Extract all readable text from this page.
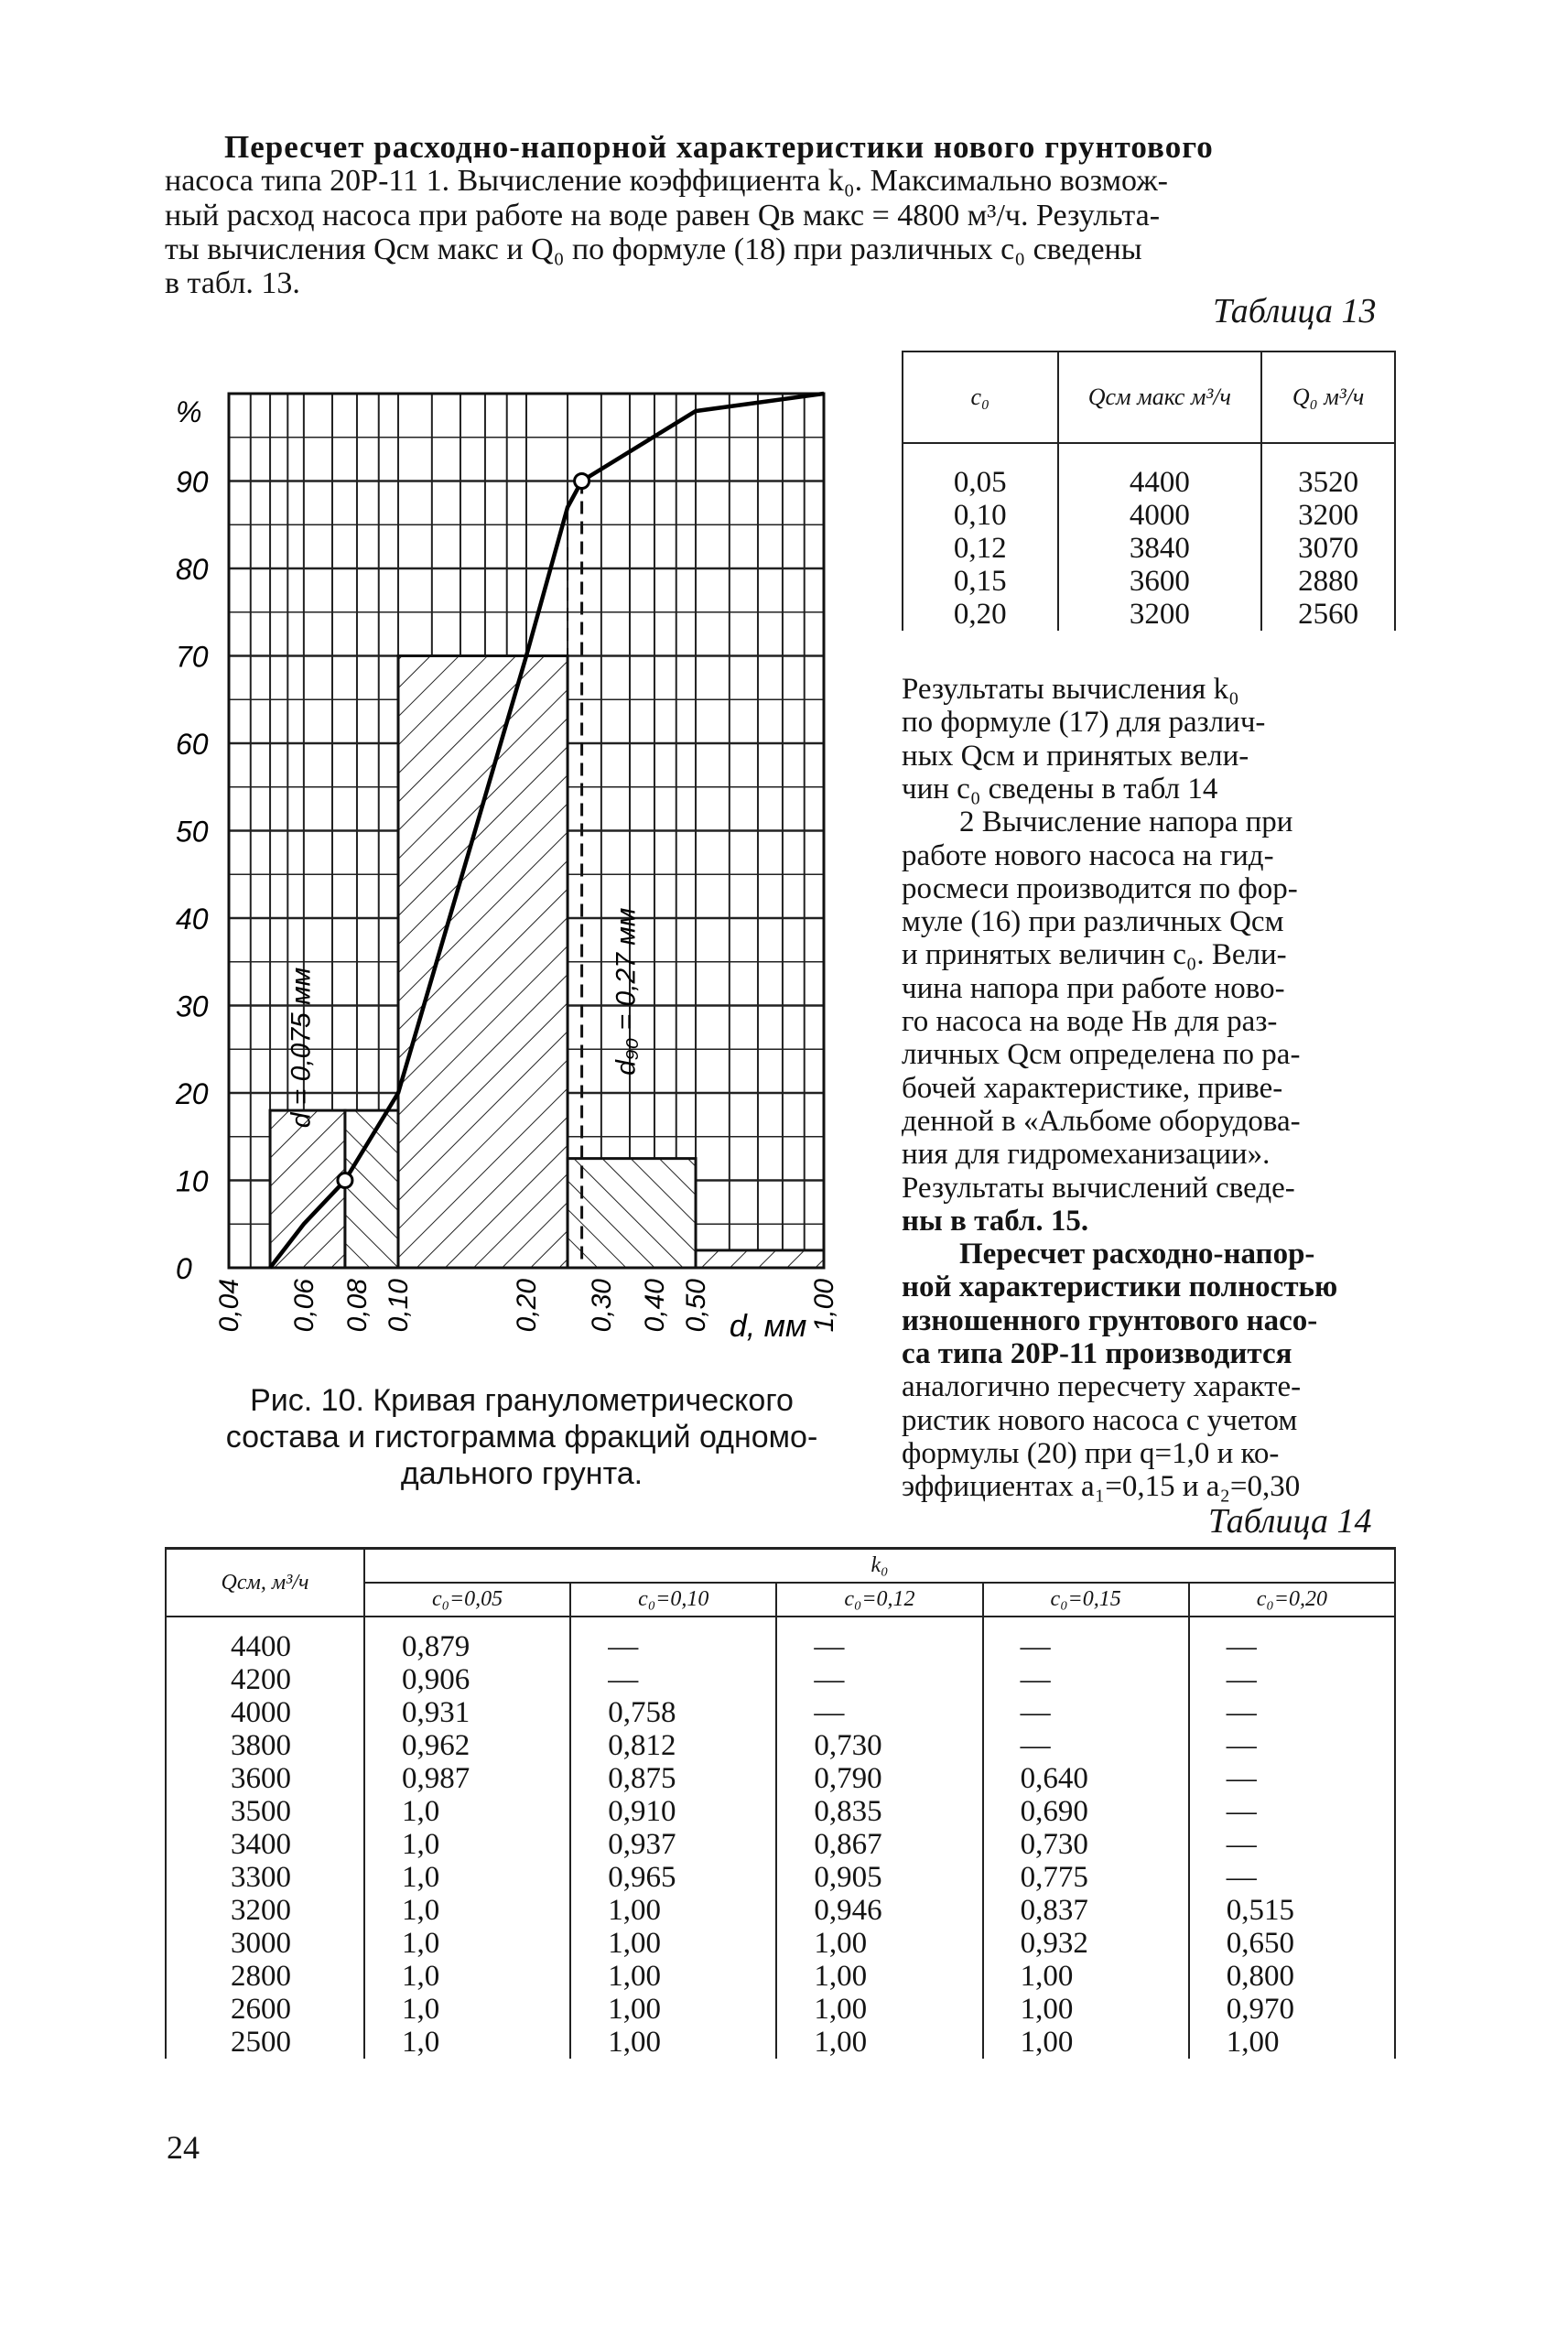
Пересчет расходно-напорной характеристики нового грунтового
насоса типа 20Р-11 1. Вычисление коэффициента k₀. Максимально возмож-
ный расход насоса при работе на воде равен Qв макс = 4800 м³/ч. Результа-
ты вычисления Qсм макс и Q₀ по формуле (18) при различных c₀ сведены
в табл. 13.
Таблица 13
c₀	Qсм макс м³/ч	Q₀ м³/ч
0,05	4400	3520
0,10	4000	3200
0,12	3840	3070
0,15	3600	2880
0,20	3200	2560
Результаты вычисления k₀
по формуле (17) для различ-
ных Qсм и принятых вели-
чин c₀ сведены в табл 14
2 Вычисление напора при
работе нового насоса на гид-
росмеси производится по фор-
муле (16) при различных Qсм
и принятых величин c₀. Вели-
чина напора при работе ново-
го насоса на воде Hв для раз-
личных Qсм определена по ра-
бочей характеристике, приве-
денной в «Альбоме оборудова-
ния для гидромеханизации».
Результаты вычислений сведе-
ны в табл. 15.
Пересчет расходно-напор-
ной характеристики полностью
изношенного грунтового насо-
са типа 20Р-11 производится
аналогично пересчету характе-
ристик нового насоса с учетом
формулы (20) при q=1,0 и ко-
эффициентах a₁=0,15 и a₂=0,30
0
10
20
30
40
50
60
70
80
90
%
0,04 0,06 0,08 0,10	0,20 0,30 0,40 0,50	1,00
d, мм
d = 0,075 мм	d₉₀ = 0,27 мм
Рис. 10. Кривая гранулометрического
состава и гистограмма фракций одномо-
дального грунта.
Таблица 14
Qсм, м³/ч	k₀				
	c₀=0,05	c₀=0,10	c₀=0,12	c₀=0,15	c₀=0,20
4400	0,879	—	—	—	—
4200	0,906	—	—	—	—
4000	0,931	0,758	—	—	—
3800	0,962	0,812	0,730	—	—
3600	0,987	0,875	0,790	0,640	—
3500	1,0	0,910	0,835	0,690	—
3400	1,0	0,937	0,867	0,730	—
3300	1,0	0,965	0,905	0,775	—
3200	1,0	1,00	0,946	0,837	0,515
3000	1,0	1,00	1,00	0,932	0,650
2800	1,0	1,00	1,00	1,00	0,800
2600	1,0	1,00	1,00	1,00	0,970
2500	1,0	1,00	1,00	1,00	1,00
24
